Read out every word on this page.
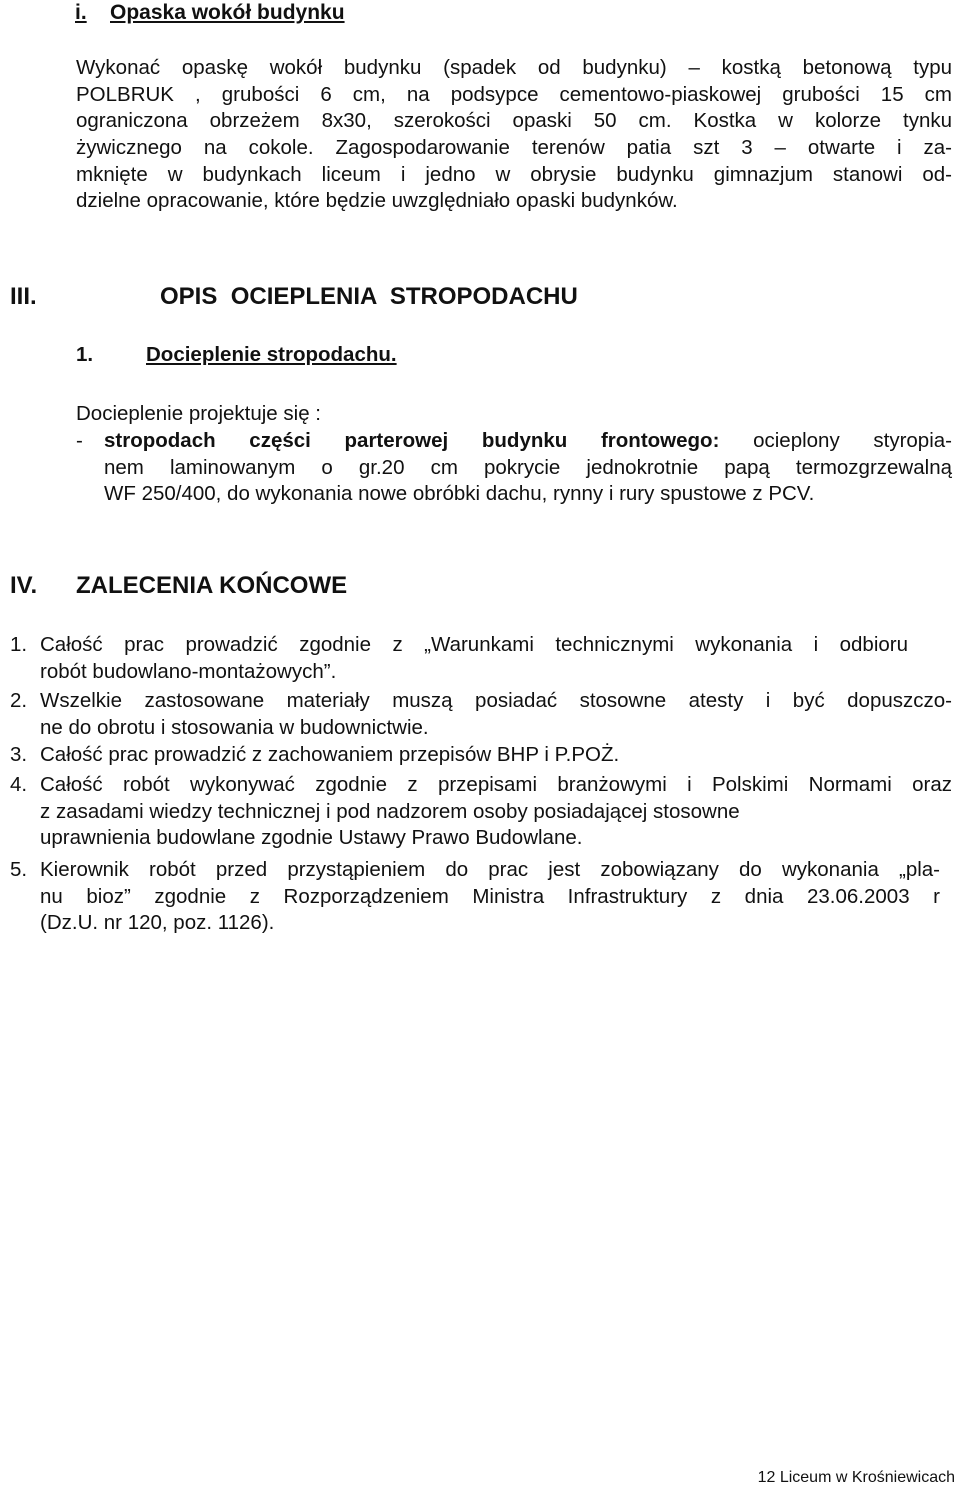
i. Opaska wokół budynku
Wykonać opaskę wokół budynku (spadek od budynku) – kostką betonową typu
POLBRUK , grubości 6 cm, na podsypce cementowo-piaskowej grubości 15 cm
ograniczona obrzeżem 8x30, szerokości opaski 50 cm. Kostka w kolorze tynku
żywicznego na cokole. Zagospodarowanie terenów patia szt 3 – otwarte i za-
mknięte w budynkach liceum i jedno w obrysie budynku gimnazjum stanowi od-
dzielne opracowanie, które będzie uwzględniało opaski budynków.
III.	OPIS  OCIEPLENIA  STROPODACHU
1.	Docieplenie stropodachu.
Docieplenie projektuje się :
- stropodach części parterowej budynku frontowego: ocieplony styropia-
nem laminowanym o gr.20 cm pokrycie jednokrotnie papą termozgrzewalną
WF 250/400, do wykonania nowe obróbki dachu, rynny i rury spustowe z PCV.
IV. ZALECENIA KOŃCOWE
1. Całość prac prowadzić zgodnie z „Warunkami technicznymi wykonania i odbioru
robót budowlano-montażowych”.
2. Wszelkie zastosowane materiały muszą posiadać stosowne atesty i być dopuszczo-
ne do obrotu i stosowania w budownictwie.
3. Całość prac prowadzić z zachowaniem przepisów BHP i P.POŻ.
4. Całość robót wykonywać zgodnie z przepisami branżowymi i Polskimi Normami oraz
z zasadami wiedzy technicznej i pod nadzorem osoby posiadającej stosowne
uprawnienia budowlane zgodnie Ustawy Prawo Budowlane.
5. Kierownik robót przed przystąpieniem do prac jest zobowiązany do wykonania „pla-
nu bioz” zgodnie z Rozporządzeniem Ministra Infrastruktury z dnia 23.06.2003 r
(Dz.U. nr 120, poz. 1126).
12 Liceum w Krośniewicach
